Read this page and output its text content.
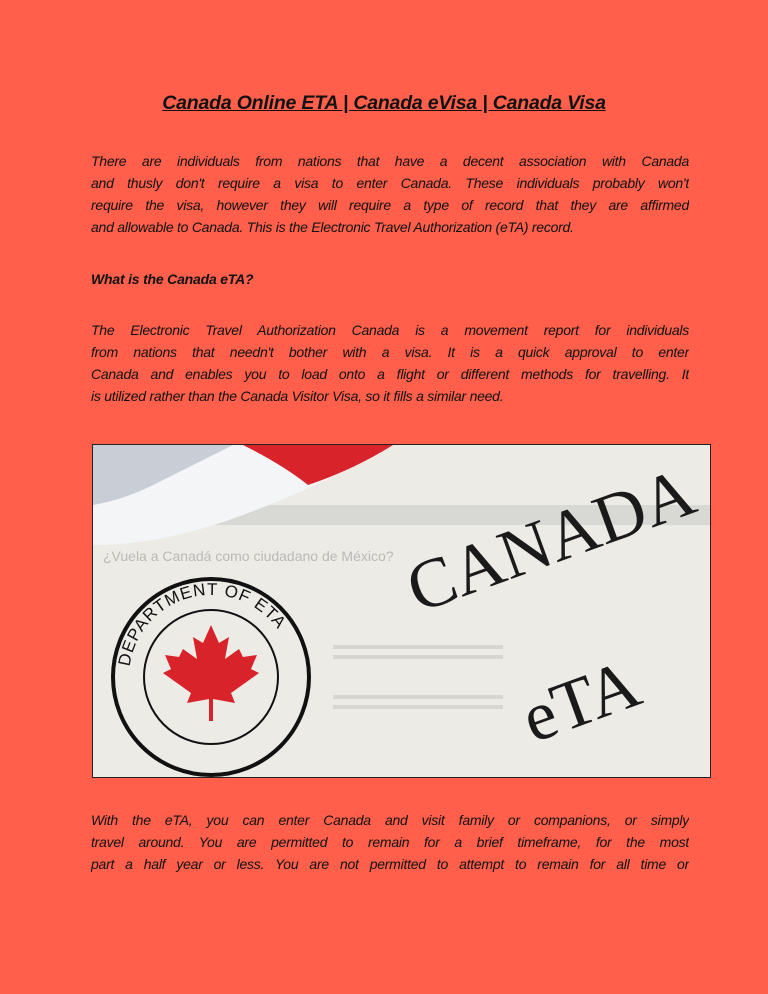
Canada Online ETA | Canada eVisa | Canada Visa
There are individuals from nations that have a decent association with Canada
and thusly don't require a visa to enter Canada. These individuals probably won't
require the visa, however they will require a type of record that they are affirmed
and allowable to Canada. This is the Electronic Travel Authorization (eTA) record.
What is the Canada eTA?
The Electronic Travel Authorization Canada is a movement report for individuals
from nations that needn't bother with a visa. It is a quick approval to enter
Canada and enables you to load onto a flight or different methods for travelling. It
is utilized rather than the Canada Visitor Visa, so it fills a similar need.
¿Vuela a Canadá como ciudadano de México?
DEPARTMENT OF ETA CANADA
eTA
With the eTA, you can enter Canada and visit family or companions, or simply
travel around. You are permitted to remain for a brief timeframe, for the most
part a half year or less. You are not permitted to attempt to remain for all time or
